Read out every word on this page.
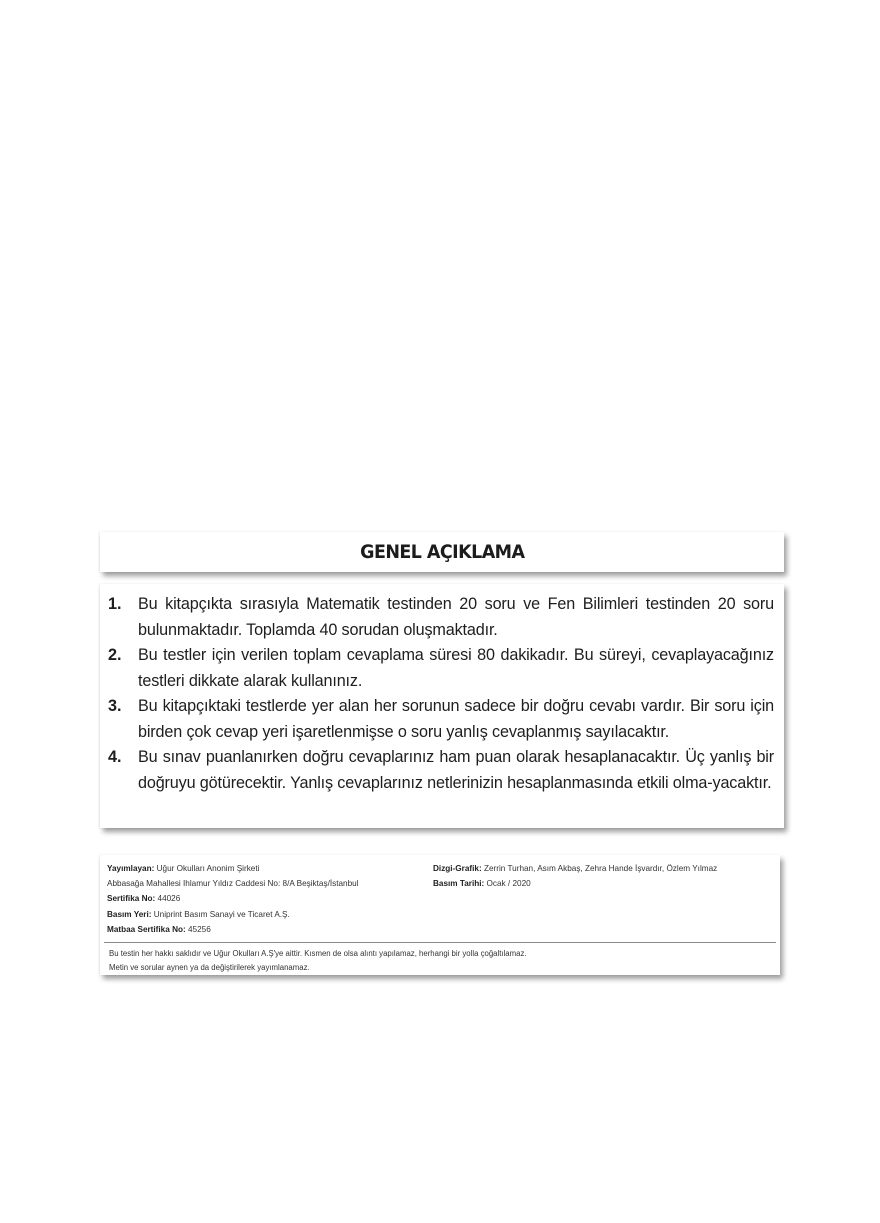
GENEL AÇIKLAMA
1.	Bu kitapçıkta sırasıyla Matematik testinden 20 soru ve Fen Bilimleri testinden 20 soru bulunmaktadır. Toplamda 40 sorudan oluşmaktadır.
2.	Bu testler için verilen toplam cevaplama süresi 80 dakikadır. Bu süreyi, cevaplayacağınız testleri dikkate alarak kullanınız.
3.	Bu kitapçıktaki testlerde yer alan her sorunun sadece bir doğru cevabı vardır. Bir soru için birden çok cevap yeri işaretlenmişse o soru yanlış cevaplanmış sayılacaktır.
4.	Bu sınav puanlanırken doğru cevaplarınız ham puan olarak hesaplanacaktır. Üç yanlış bir doğruyu götürecektir. Yanlış cevaplarınız netlerinizin hesaplanmasında etkili olma-yacaktır.
Yayımlayan: Uğur Okulları Anonim Şirketi
Abbasağa Mahallesi Ihlamur Yıldız Caddesi No: 8/A Beşiktaş/İstanbul
Sertifika No: 44026
Basım Yeri: Uniprint Basım Sanayi ve Ticaret A.Ş.
Matbaa Sertifika No: 45256
Dizgi-Grafik: Zerrin Turhan, Asım Akbaş, Zehra Hande İşvardır, Özlem Yılmaz
Basım Tarihi: Ocak / 2020
Bu testin her hakkı saklıdır ve Uğur Okulları A.Ş'ye aittir. Kısmen de olsa alıntı yapılamaz, herhangi bir yolla çoğaltılamaz.
Metin ve sorular aynen ya da değiştirilerek yayımlanamaz.
